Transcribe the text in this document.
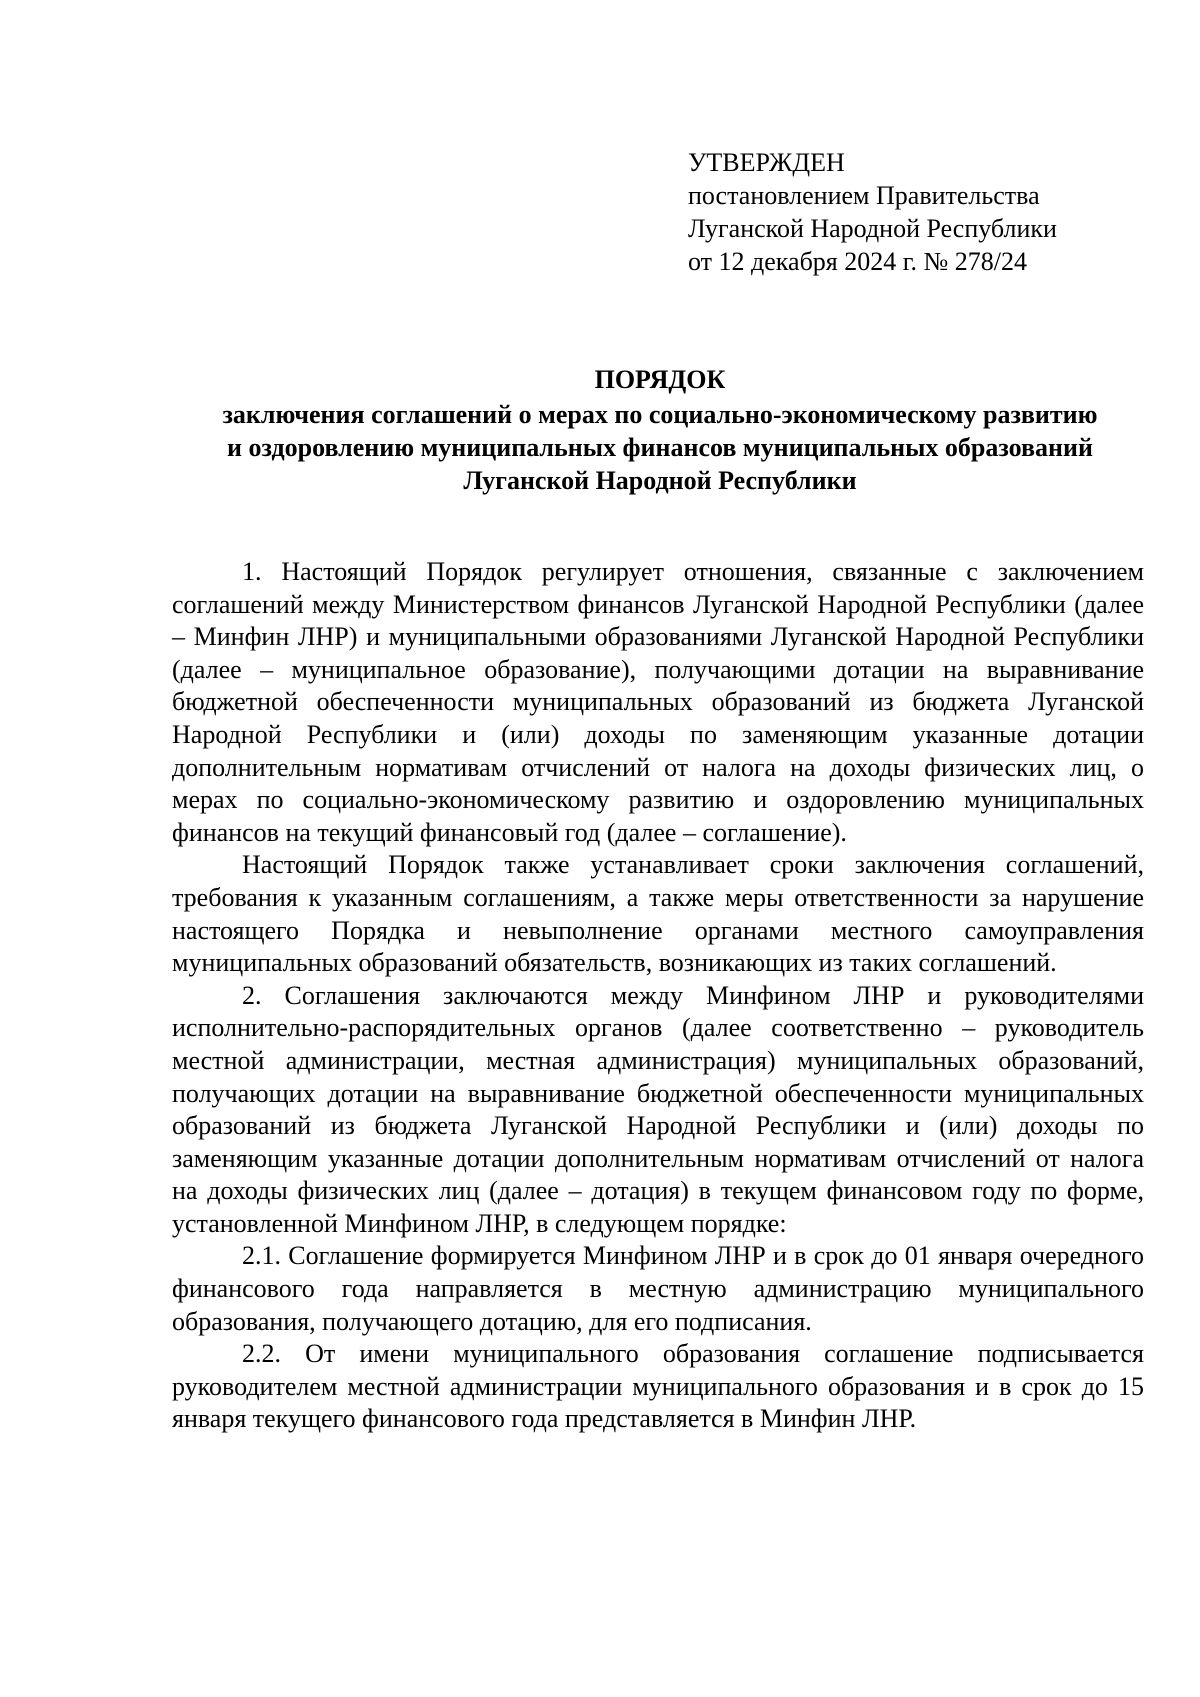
УТВЕРЖДЕН
постановлением Правительства
Луганской Народной Республики
от 12 декабря 2024 г. № 278/24
ПОРЯДОК
заключения соглашений о мерах по социально-экономическому развитию
и оздоровлению муниципальных финансов муниципальных образований
Луганской Народной Республики

1. Настоящий Порядок регулирует отношения, связанные с заключением соглашений между Министерством финансов Луганской Народной Республики (далее – Минфин ЛНР) и муниципальными образованиями Луганской Народной Республики (далее – муниципальное образование), получающими дотации на выравнивание бюджетной обеспеченности муниципальных образований из бюджета Луганской Народной Республики и (или) доходы по заменяющим указанные дотации дополнительным нормативам отчислений от налога на доходы физических лиц, о мерах по социально-экономическому развитию и оздоровлению муниципальных финансов на текущий финансовый год (далее – соглашение).

Настоящий Порядок также устанавливает сроки заключения соглашений, требования к указанным соглашениям, а также меры ответственности за нарушение настоящего Порядка и невыполнение органами местного самоуправления муниципальных образований обязательств, возникающих из таких соглашений.

2. Соглашения заключаются между Минфином ЛНР и руководителями исполнительно-распорядительных органов (далее соответственно – руководитель местной администрации, местная администрация) муниципальных образований, получающих дотации на выравнивание бюджетной обеспеченности муниципальных образований из бюджета Луганской Народной Республики и (или) доходы по заменяющим указанные дотации дополнительным нормативам отчислений от налога на доходы физических лиц (далее – дотация) в текущем финансовом году по форме, установленной Минфином ЛНР, в следующем порядке:

2.1. Соглашение формируется Минфином ЛНР и в срок до 01 января очередного финансового года направляется в местную администрацию муниципального образования, получающего дотацию, для его подписания.

2.2. От имени муниципального образования соглашение подписывается руководителем местной администрации муниципального образования и в срок до 15 января текущего финансового года представляется в Минфин ЛНР.
